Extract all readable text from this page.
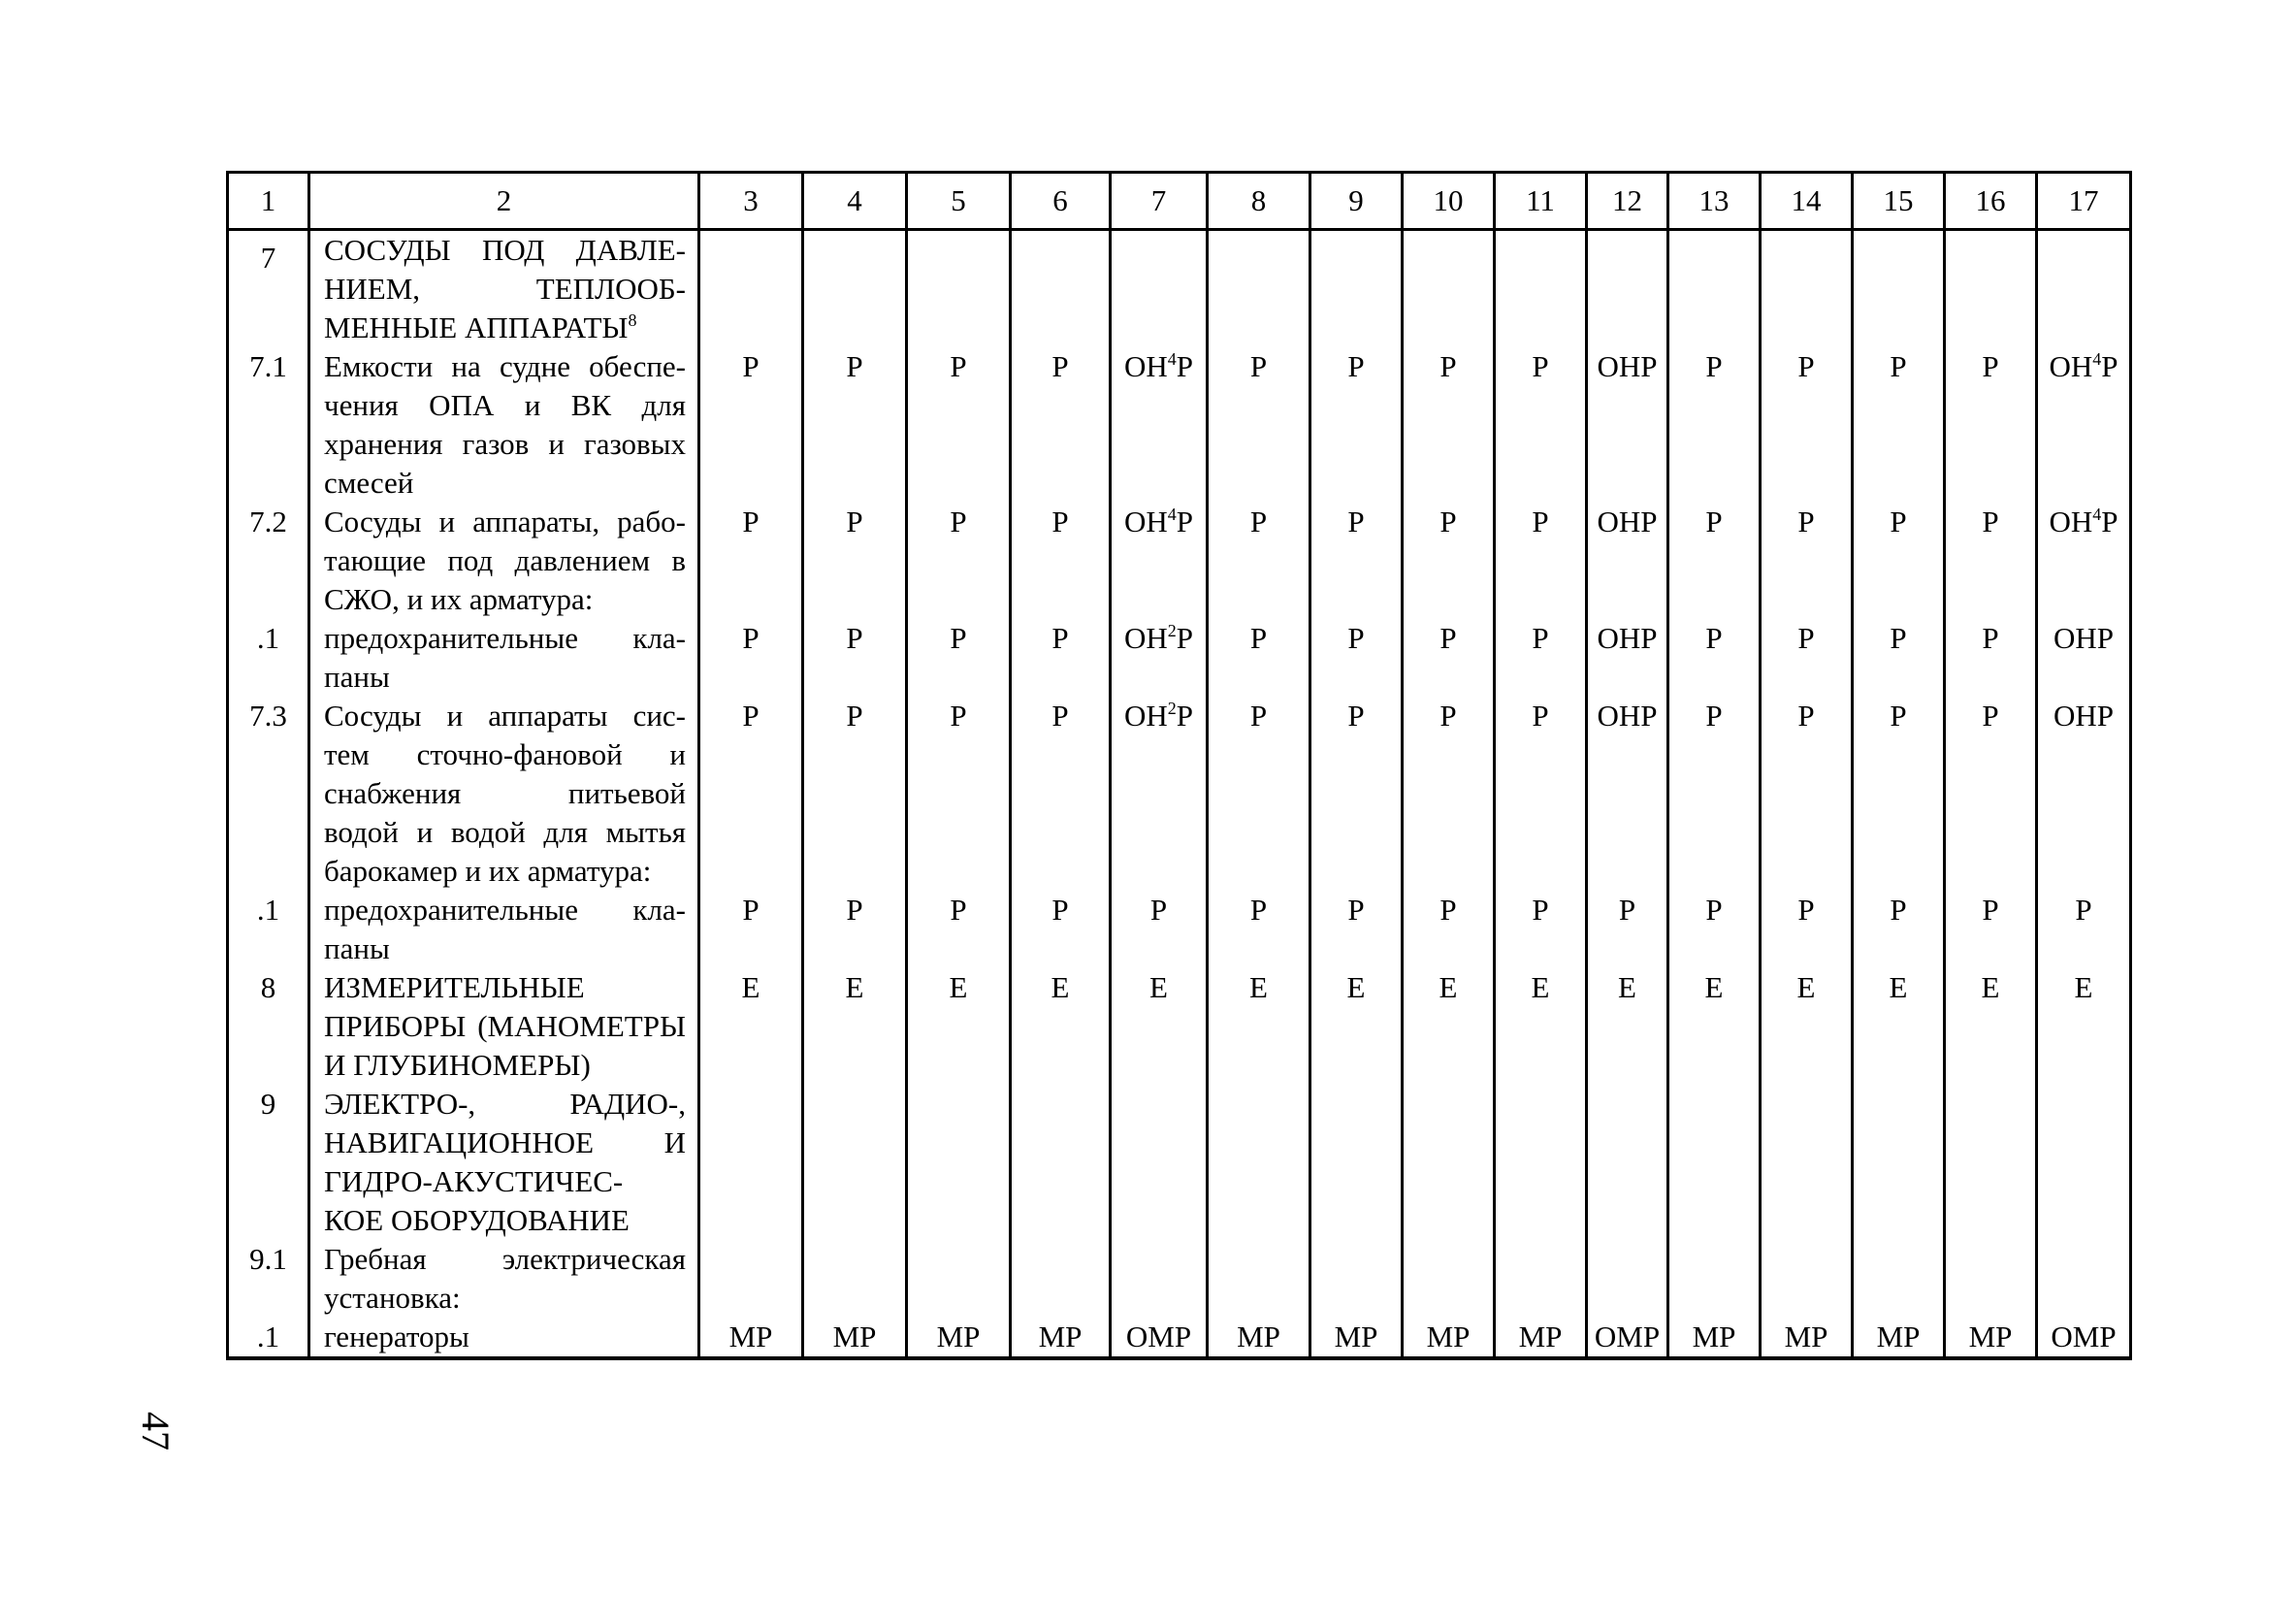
1	2	3	4	5	6	7	8	9	10	11	12	13	14	15	16	17
7	СОСУДЫ ПОД ДАВЛЕ-
НИЕМ, ТЕПЛООБ-
МЕННЫЕ АППАРАТЫ$^8$

7.1	Емкости на судне обеспе-
чения ОПА и ВК для
хранения газов и газовых
смесей	Р	Р	Р	Р	$ОН^4Р$	Р	Р	Р	Р	ОНР	Р	Р	Р	Р	$ОН^4Р$
7.2	Сосуды и аппараты, рабо-
тающие под давлением в
СЖО, и их арматура:	Р	Р	Р	Р	$ОН^4Р$	Р	Р	Р	Р	ОНР	Р	Р	Р	Р	$ОН^4Р$
.1	предохранительные кла-
паны	Р	Р	Р	Р	$ОН^2Р$	Р	Р	Р	Р	ОНР	Р	Р	Р	Р	ОНР
7.3	Сосуды и аппараты сис-
тем сточно-фановой и
снабжения питьевой
водой и водой для мытья
барокамер и их арматура:	Р	Р	Р	Р	$ОН^2Р$	Р	Р	Р	Р	ОНР	Р	Р	Р	Р	ОНР
.1	предохранительные кла-
паны	Р	Р	Р	Р	Р	Р	Р	Р	Р	Р	Р	Р	Р	Р	Р
8	ИЗМЕРИТЕЛЬНЫЕ
ПРИБОРЫ (МАНОМЕТРЫ
И ГЛУБИНОМЕРЫ)	Е	Е	Е	Е	Е	Е	Е	Е	Е	Е	Е	Е	Е	Е	Е
9	ЭЛЕКТРО-, РАДИО-,
НАВИГАЦИОННОЕ И
ГИДРО-АКУСТИЧЕС-
КОЕ ОБОРУДОВАНИЕ															

9.1	Гребная электрическая
установка:															

.1	генераторы	МР	МР	МР	МР	ОМР	МР	МР	МР	МР	ОМР	МР	МР	МР	МР	ОМР
47
